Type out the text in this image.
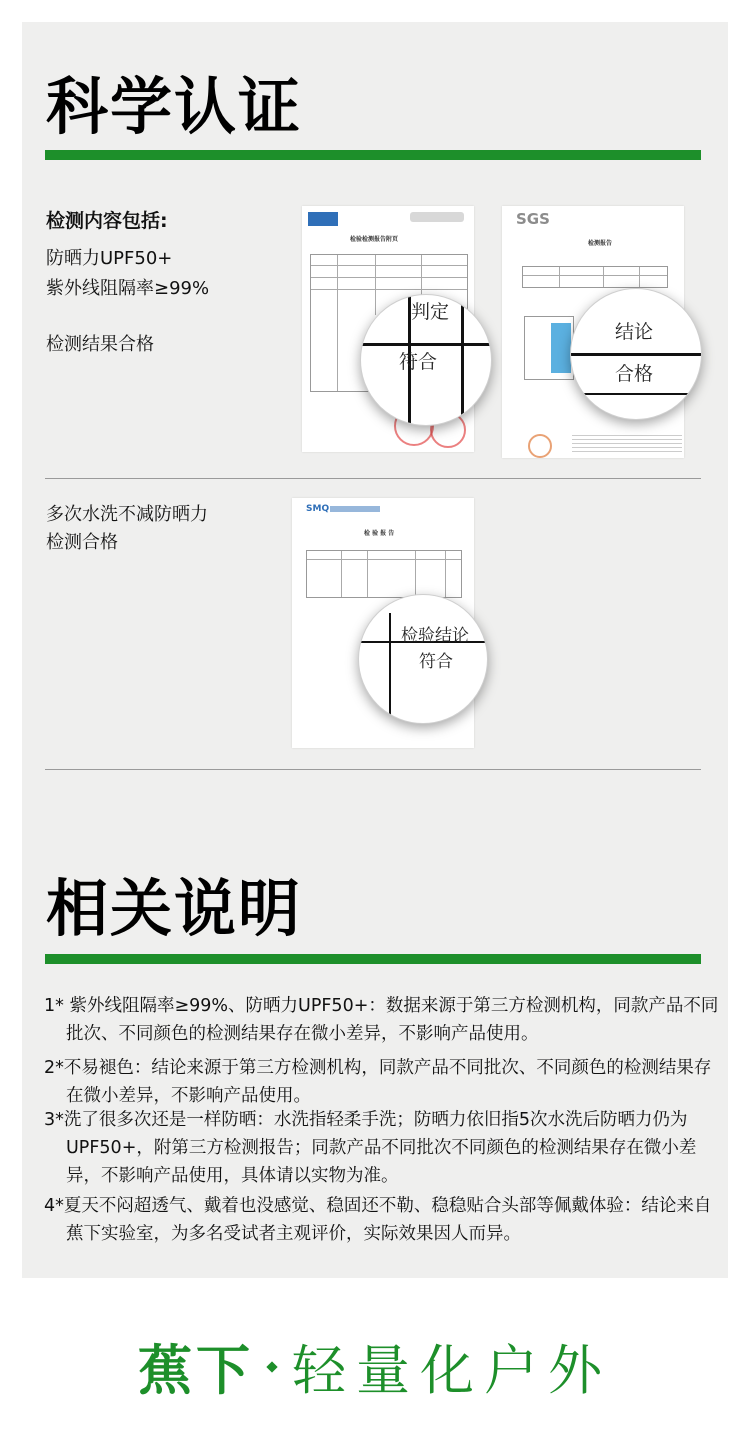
科学认证
检测内容包括:
防晒力UPF50+
紫外线阻隔率≥99%
检测结果合格
检验检测报告附页
判定
符合
SGS
检测报告
结论
合格
多次水洗不减防晒力
检测合格
SMQ
检 验 报 告
检验结论
符合
相关说明
1* 紫外线阻隔率≥99%、防晒力UPF50+：数据来源于第三方检测机构，同款产品不同批次、不同颜色的检测结果存在微小差异，不影响产品使用。
2*不易褪色：结论来源于第三方检测机构，同款产品不同批次、不同颜色的检测结果存在微小差异，不影响产品使用。
3*洗了很多次还是一样防晒：水洗指轻柔手洗；防晒力依旧指5次水洗后防晒力仍为UPF50+，附第三方检测报告；同款产品不同批次不同颜色的检测结果存在微小差异，不影响产品使用，具体请以实物为准。
4*夏天不闷超透气、戴着也没感觉、稳固还不勒、稳稳贴合头部等佩戴体验：结论来自蕉下实验室，为多名受试者主观评价，实际效果因人而异。
蕉下 轻量化户外
